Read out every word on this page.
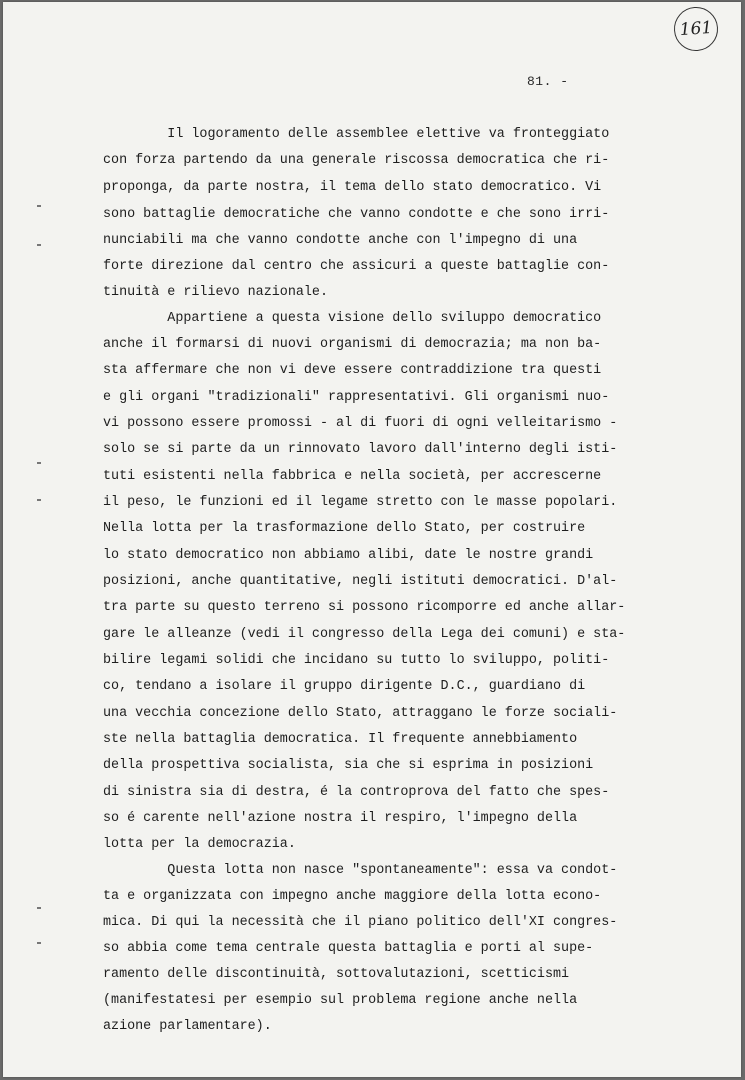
161
81. -
Il logoramento delle assemblee elettive va fronteggiato
con forza partendo da una generale riscossa democratica che ri-
proponga, da parte nostra, il tema dello stato democratico. Vi
sono battaglie democratiche che vanno condotte e che sono irri-
nunciabili ma che vanno condotte anche con l'impegno di una
forte direzione dal centro che assicuri a queste battaglie con-
tinuità e rilievo nazionale.
Appartiene a questa visione dello sviluppo democratico
anche il formarsi di nuovi organismi di democrazia; ma non ba-
sta affermare che non vi deve essere contraddizione tra questi
e gli organi "tradizionali" rappresentativi. Gli organismi nuo-
vi possono essere promossi - al di fuori di ogni velleitarismo -
solo se si parte da un rinnovato lavoro dall'interno degli isti-
tuti esistenti nella fabbrica e nella società, per accrescerne
il peso, le funzioni ed il legame stretto con le masse popolari.
Nella lotta per la trasformazione dello Stato, per costruire
lo stato democratico non abbiamo alibi, date le nostre grandi
posizioni, anche quantitative, negli istituti democratici. D'al-
tra parte su questo terreno si possono ricomporre ed anche allar-
gare le alleanze (vedi il congresso della Lega dei comuni) e sta-
bilire legami solidi che incidano su tutto lo sviluppo, politi-
co, tendano a isolare il gruppo dirigente D.C., guardiano di
una vecchia concezione dello Stato, attraggano le forze sociali-
ste nella battaglia democratica. Il frequente annebbiamento
della prospettiva socialista, sia che si esprima in posizioni
di sinistra sia di destra, é la controprova del fatto che spes-
so é carente nell'azione nostra il respiro, l'impegno della
lotta per la democrazia.
Questa lotta non nasce "spontaneamente": essa va condot-
ta e organizzata con impegno anche maggiore della lotta econo-
mica. Di qui la necessità che il piano politico dell'XI congres-
so abbia come tema centrale questa battaglia e porti al supe-
ramento delle discontinuità, sottovalutazioni, scetticismi
(manifestatesi per esempio sul problema regione anche nella
azione parlamentare).
